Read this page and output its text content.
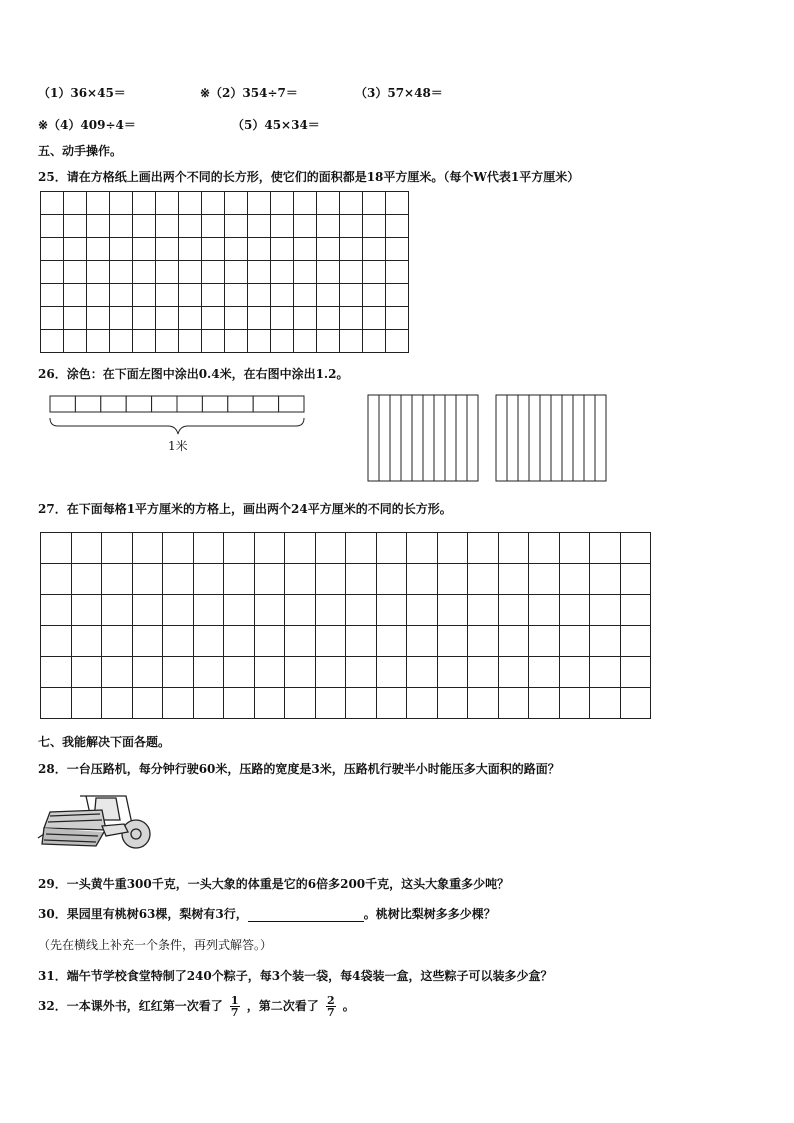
（1）36×45＝	※（2）354÷7＝	（3）57×48＝
※（4）409÷4＝	（5）45×34＝
五、动手操作。
25．请在方格纸上画出两个不同的长方形，使它们的面积都是18平方厘米。（每个W代表1平方厘米）

26．涂色：在下面左图中涂出0.4米，在右图中涂出1.2。
1米
27．在下面每格1平方厘米的方格上，画出两个24平方厘米的不同的长方形。

七、我能解决下面各题。
28．一台压路机，每分钟行驶60米，压路的宽度是3米，压路机行驶半小时能压多大面积的路面？
29．一头黄牛重300千克，一头大象的体重是它的6倍多200千克，这头大象重多少吨？
30．果园里有桃树63棵，梨树有3行，	。桃树比梨树多多少棵？
（先在横线上补充一个条件，再列式解答。）
31．端午节学校食堂特制了240个粽子，每3个装一袋，每4袋装一盒，这些粽子可以装多少盒？
32．一本课外书，红红第一次看了 $\frac{1}{7}$ ，第二次看了 $\frac{2}{7}$ 。
